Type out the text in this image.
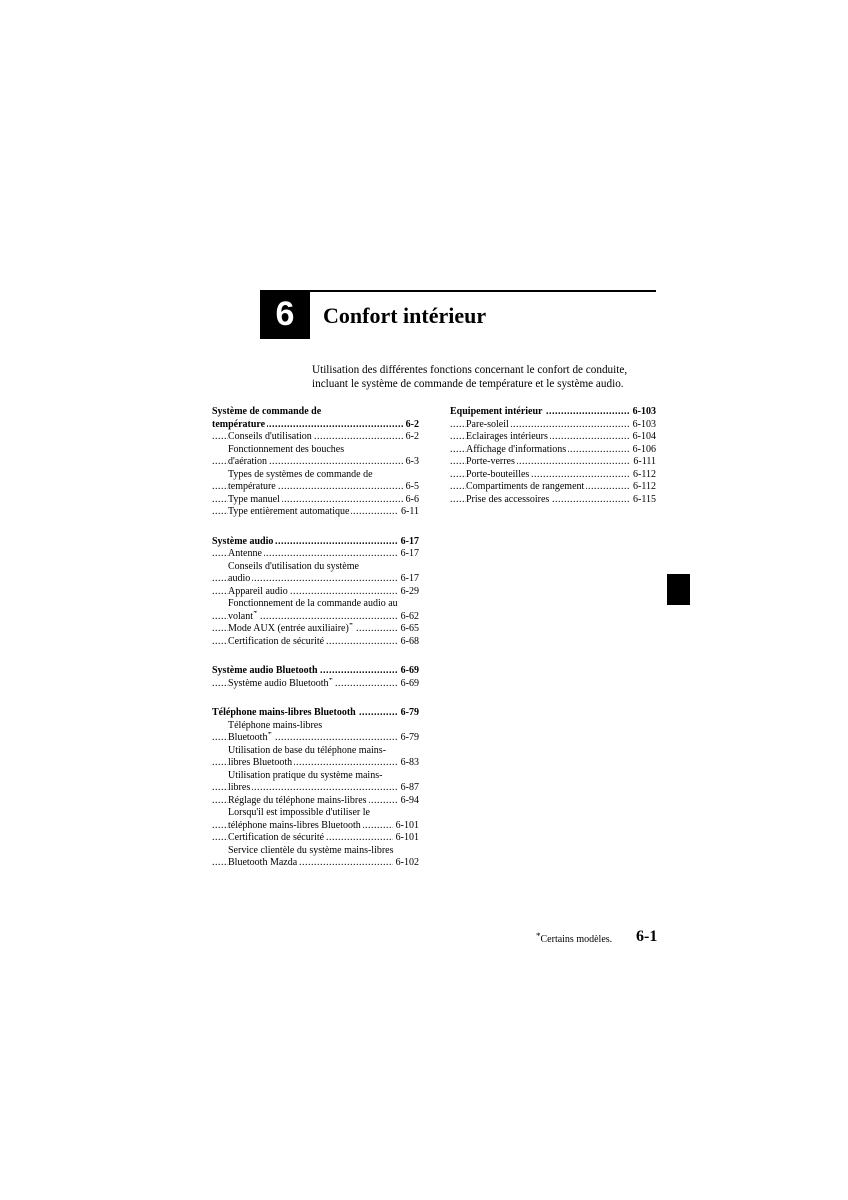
6	Confort intérieur
Utilisation des différentes fonctions concernant le confort de conduite, incluant le système de commande de température et le système audio.
Système de commande de
..... température	6-2
..... Conseils d'utilisation	6-2
Fonctionnement des bouches
..... d'aération	6-3
Types de systèmes de commande de
..... température	6-5
..... Type manuel	6-6
..... Type entièrement automatique	6-11
..... Système audio	6-17
..... Antenne	6-17
Conseils d'utilisation du système
..... audio	6-17
..... Appareil audio	6-29
Fonctionnement de la commande audio au
..... volant*	6-62
..... Mode AUX (entrée auxiliaire)*	6-65
..... Certification de sécurité	6-68
..... Système audio Bluetooth	6-69
..... Système audio Bluetooth*	6-69
..... Téléphone mains-libres Bluetooth	6-79
Téléphone mains-libres
..... Bluetooth*	6-79
Utilisation de base du téléphone mains-
..... libres Bluetooth	6-83
Utilisation pratique du système mains-
..... libres	6-87
..... Réglage du téléphone mains-libres	6-94
Lorsqu'il est impossible d'utiliser le
..... téléphone mains-libres Bluetooth	6-101
..... Certification de sécurité	6-101
Service clientèle du système mains-libres
..... Bluetooth Mazda	6-102
..... Equipement intérieur	6-103
..... Pare-soleil	6-103
..... Eclairages intérieurs	6-104
..... Affichage d'informations	6-106
..... Porte-verres	6-111
..... Porte-bouteilles	6-112
..... Compartiments de rangement	6-112
..... Prise des accessoires	6-115
*Certains modèles. 6-1
